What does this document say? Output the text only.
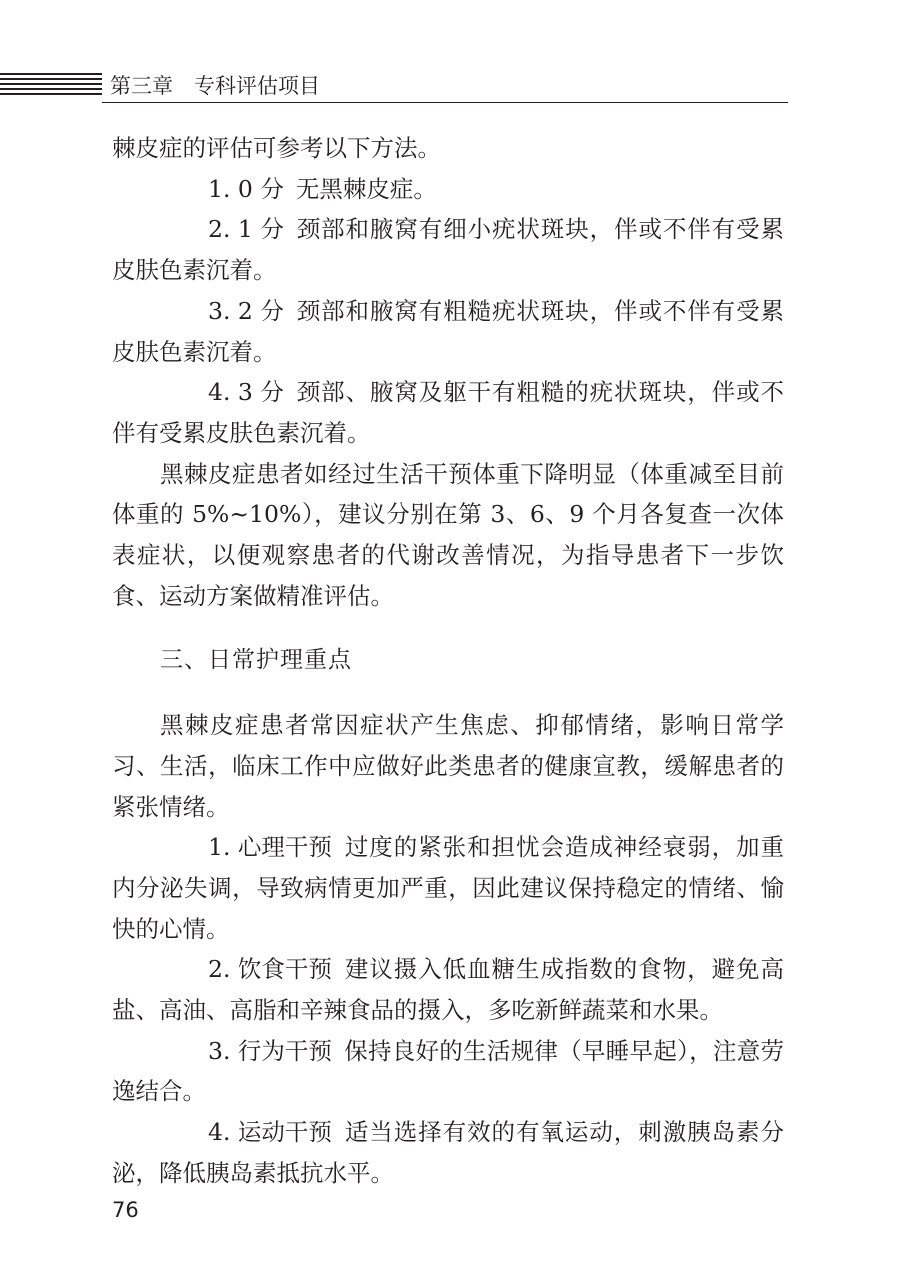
第三章　专科评估项目

棘皮症的评估可参考以下方法。

1. 0 分 无黑棘皮症。

2. 1 分 颈部和腋窝有细小疣状斑块，伴或不伴有受累皮肤色素沉着。

3. 2 分 颈部和腋窝有粗糙疣状斑块，伴或不伴有受累皮肤色素沉着。

4. 3 分 颈部、腋窝及躯干有粗糙的疣状斑块，伴或不伴有受累皮肤色素沉着。

黑棘皮症患者如经过生活干预体重下降明显（体重减至目前体重的 5%~10%），建议分别在第 3、6、9 个月各复查一次体表症状，以便观察患者的代谢改善情况，为指导患者下一步饮食、运动方案做精准评估。

三、日常护理重点

黑棘皮症患者常因症状产生焦虑、抑郁情绪，影响日常学习、生活，临床工作中应做好此类患者的健康宣教，缓解患者的紧张情绪。

1. 心理干预 过度的紧张和担忧会造成神经衰弱，加重内分泌失调，导致病情更加严重，因此建议保持稳定的情绪、愉快的心情。

2. 饮食干预 建议摄入低血糖生成指数的食物，避免高盐、高油、高脂和辛辣食品的摄入，多吃新鲜蔬菜和水果。

3. 行为干预 保持良好的生活规律（早睡早起），注意劳逸结合。

4. 运动干预 适当选择有效的有氧运动，刺激胰岛素分泌，降低胰岛素抵抗水平。

76
